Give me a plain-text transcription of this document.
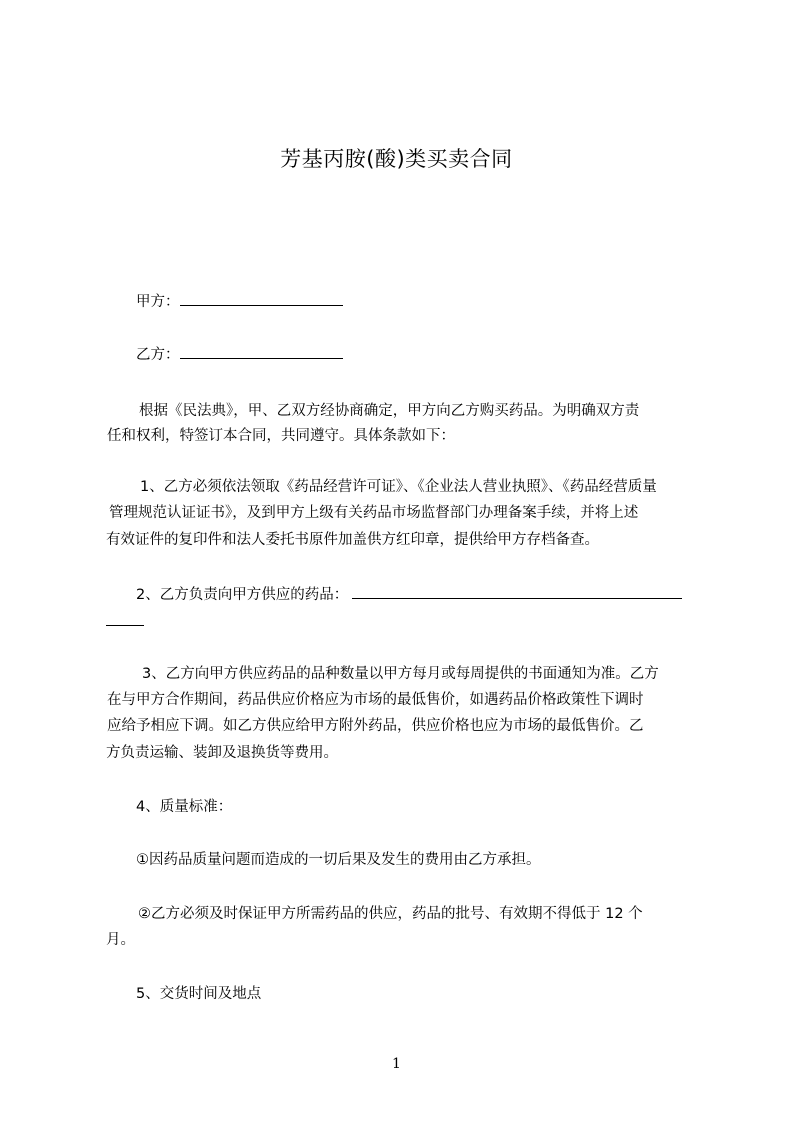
芳基丙胺(酸)类买卖合同
甲方：
乙方：
根据《民法典》，甲、乙双方经协商确定，甲方向乙方购买药品。为明确双方责
任和权利，特签订本合同，共同遵守。具体条款如下：
1、乙方必须依法领取《药品经营许可证》、《企业法人营业执照》、《药品经营质量
管理规范认证证书》，及到甲方上级有关药品市场监督部门办理备案手续，并将上述
有效证件的复印件和法人委托书原件加盖供方红印章，提供给甲方存档备查。
2、乙方负责向甲方供应的药品：
3、乙方向甲方供应药品的品种数量以甲方每月或每周提供的书面通知为准。乙方
在与甲方合作期间，药品供应价格应为市场的最低售价，如遇药品价格政策性下调时
应给予相应下调。如乙方供应给甲方附外药品，供应价格也应为市场的最低售价。乙
方负责运输、装卸及退换货等费用。
4、质量标准：
①因药品质量问题而造成的一切后果及发生的费用由乙方承担。
②乙方必须及时保证甲方所需药品的供应，药品的批号、有效期不得低于 12 个
月。
5、交货时间及地点
1
